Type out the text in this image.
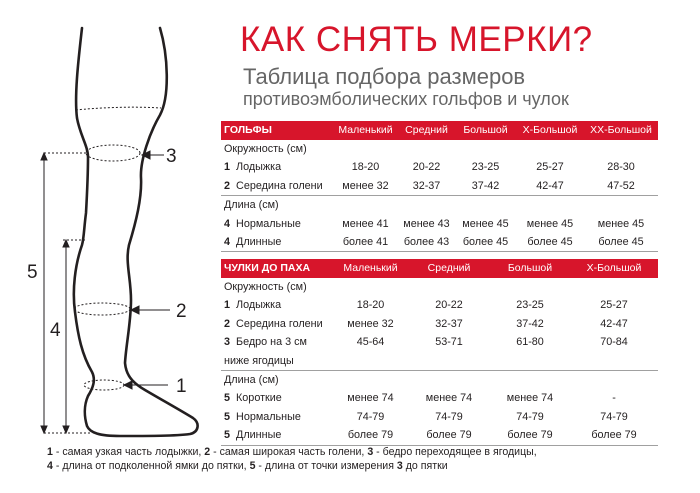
3
2
1
5
4
КАК СНЯТЬ МЕРКИ?
Таблица подбора размеров
противоэмболических гольфов и чулок
ГОЛЬФЫ	Маленький	Средний	Большой	X-Большой	XX-Большой
Окружность (см)					
1 Лодыжка	18-20	20-22	23-25	25-27	28-30
2 Середина голени	менее 32	32-37	37-42	42-47	47-52
Длина (см)					
4 Нормальные	менее 41	менее 43	менее 45	менее 45	менее 45
4 Длинные	более 41	более 43	более 45	более 45	более 45
ЧУЛКИ ДО ПАХА	Маленький	Средний	Большой	X-Большой
Окружность (см)				
1 Лодыжка	18-20	20-22	23-25	25-27
2 Середина голени	менее 32	32-37	37-42	42-47
3 Бедро на 3 см	45-64	53-71	61-80	70-84
ниже ягодицы				
Длина (см)				
5 Короткие	менее 74	менее 74	менее 74	-
5 Нормальные	74-79	74-79	74-79	74-79
5 Длинные	более 79	более 79	более 79	более 79
1 - самая узкая часть лодыжки, 2 - самая широкая часть голени, 3 - бедро переходящее в ягодицы,
4 - длина от подколенной ямки до пятки, 5 - длина от точки измерения 3 до пятки
